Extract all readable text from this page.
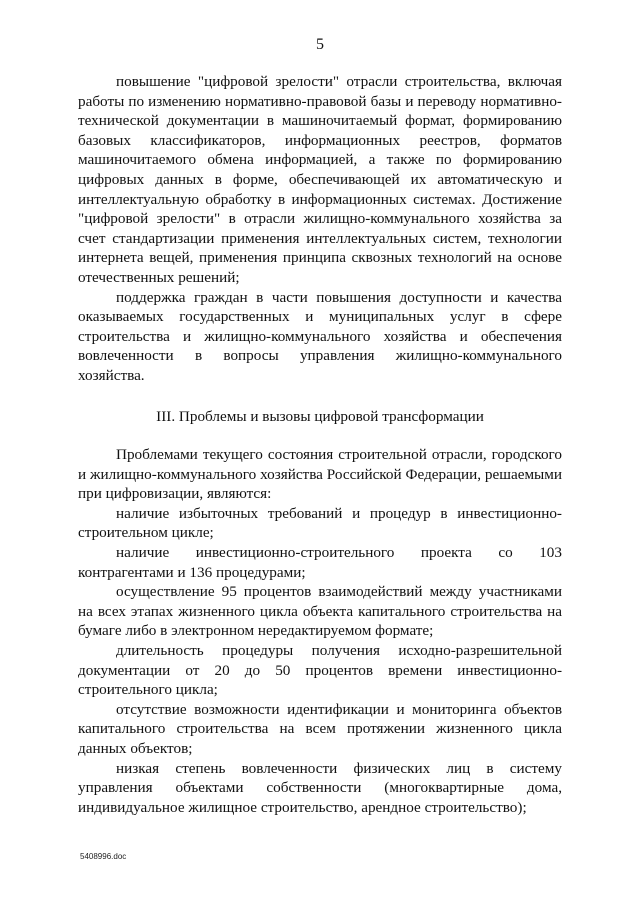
5

повышение "цифровой зрелости" отрасли строительства, включая работы по изменению нормативно-правовой базы и переводу нормативно-технической документации в машиночитаемый формат, формированию базовых классификаторов, информационных реестров, форматов машиночитаемого обмена информацией, а также по формированию цифровых данных в форме, обеспечивающей их автоматическую и интеллектуальную обработку в информационных системах. Достижение "цифровой зрелости" в отрасли жилищно-коммунального хозяйства за счет стандартизации применения интеллектуальных систем, технологии интернета вещей, применения принципа сквозных технологий на основе отечественных решений;

поддержка граждан в части повышения доступности и качества оказываемых государственных и муниципальных услуг в сфере строительства и жилищно-коммунального хозяйства и обеспечения вовлеченности в вопросы управления жилищно-коммунального хозяйства.

III. Проблемы и вызовы цифровой трансформации

Проблемами текущего состояния строительной отрасли, городского и жилищно-коммунального хозяйства Российской Федерации, решаемыми при цифровизации, являются:

наличие избыточных требований и процедур в инвестиционно-строительном цикле;

наличие инвестиционно-строительного проекта со 103 контрагентами и 136 процедурами;

осуществление 95 процентов взаимодействий между участниками на всех этапах жизненного цикла объекта капитального строительства на бумаге либо в электронном нередактируемом формате;

длительность процедуры получения исходно-разрешительной документации от 20 до 50 процентов времени инвестиционно-строительного цикла;

отсутствие возможности идентификации и мониторинга объектов капитального строительства на всем протяжении жизненного цикла данных объектов;

низкая степень вовлеченности физических лиц в систему управления объектами собственности (многоквартирные дома, индивидуальное жилищное строительство, арендное строительство);

5408996.doc
